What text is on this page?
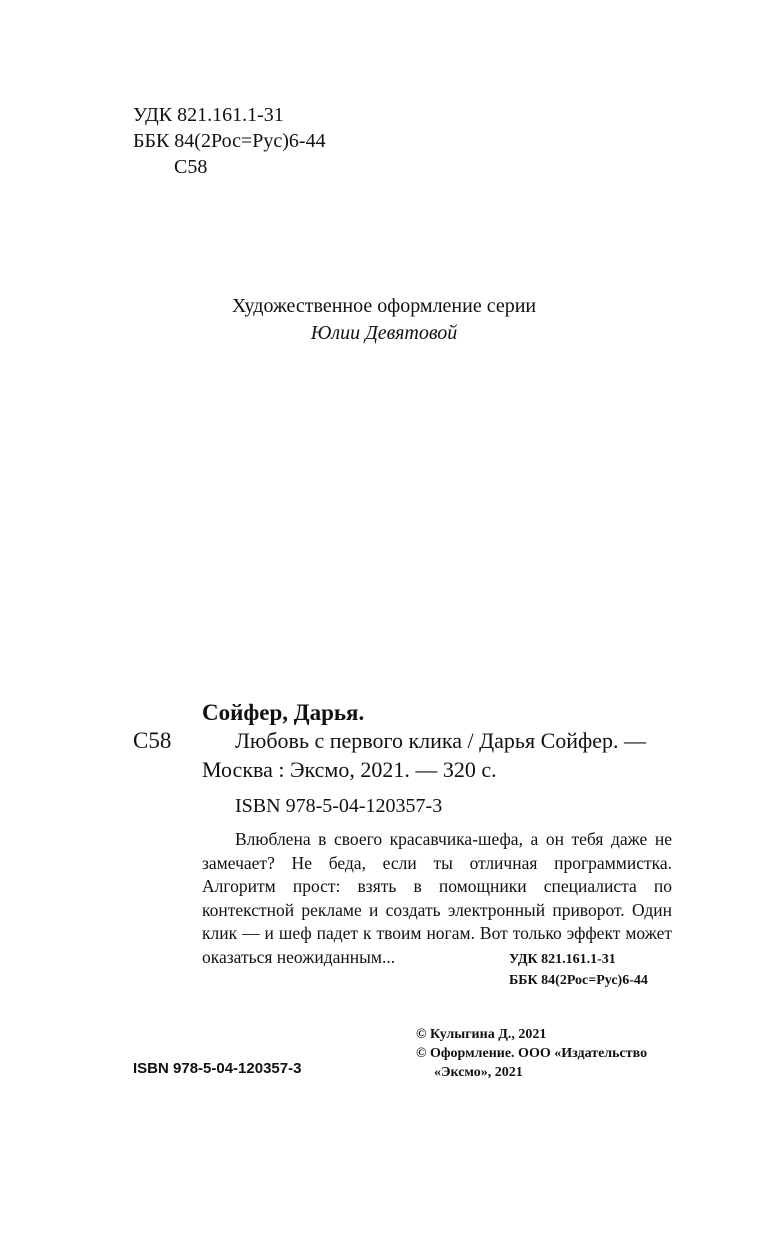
УДК 821.161.1-31
ББК 84(2Рос=Рус)6-44
С58
Художественное оформление серии
Юлии Девятовой
Сойфер, Дарья.
С58	Любовь с первого клика / Дарья Сойфер. —
Москва : Эксмо, 2021. — 320 с.
ISBN 978-5-04-120357-3

Влюблена в своего красавчика-шефа, а он тебя даже не замечает? Не беда, если ты отличная программистка. Алгоритм прост: взять в помощники специалиста по контекстной рекламе и создать электронный приворот. Один клик — и шеф падет к твоим ногам. Вот только эффект может оказаться неожиданным...	УДК 821.161.1-31
ББК 84(2Рос=Рус)6-44
© Кулыгина Д., 2021
© Оформление. ООО «Издательство
«Эксмо», 2021
ISBN 978-5-04-120357-3
